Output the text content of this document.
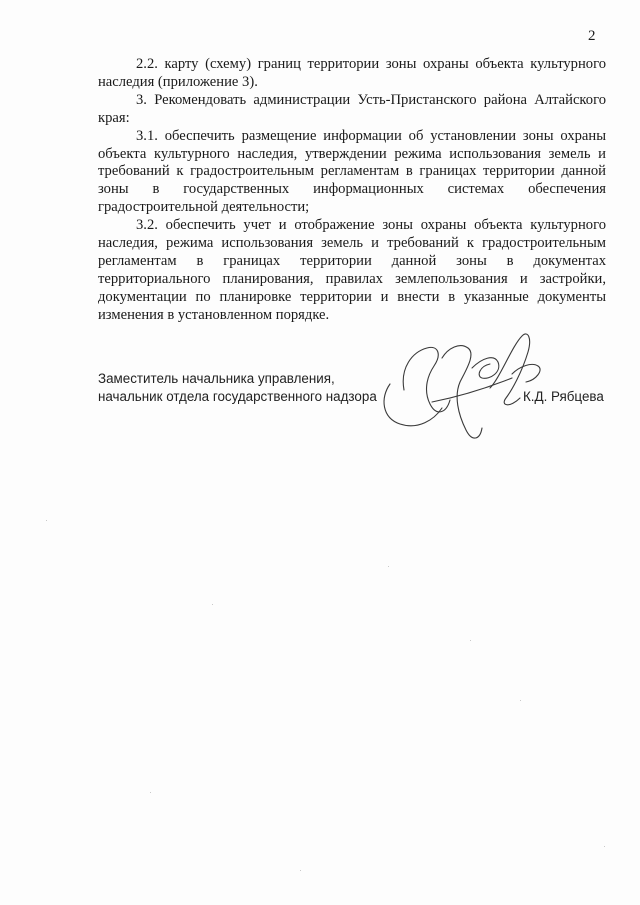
2

2.2. карту (схему) границ территории зоны охраны объекта культурного наследия (приложение 3).

3. Рекомендовать администрации Усть-Пристанского района Алтайского края:

3.1. обеспечить размещение информации об установлении зоны охраны объекта культурного наследия, утверждении режима использования земель и требований к градостроительным регламентам в границах территории данной зоны в государственных информационных системах обеспечения градостроительной деятельности;

3.2. обеспечить учет и отображение зоны охраны объекта культурного наследия, режима использования земель и требований к градостроительным регламентам в границах территории данной зоны в документах территориального планирования, правилах землепользования и застройки, документации по планировке территории и внести в указанные документы изменения в установленном порядке.

Заместитель начальника управления,
начальник отдела государственного надзора	К.Д. Рябцева
